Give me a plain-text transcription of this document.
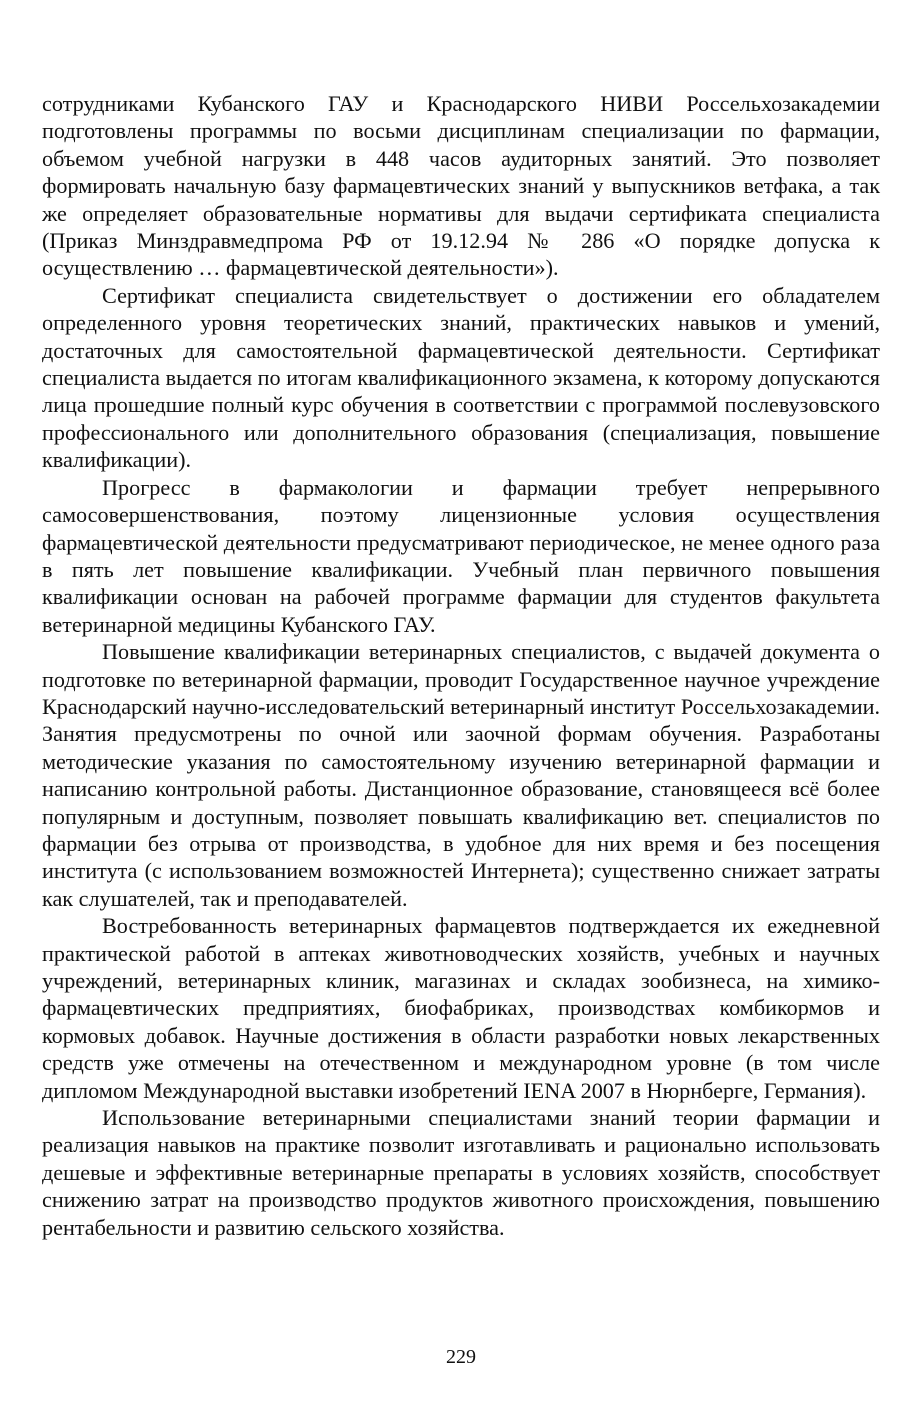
сотрудниками Кубанского ГАУ и Краснодарского НИВИ Россельхозакадемии подготовлены программы по восьми дисциплинам специализации по фармации, объемом учебной нагрузки в 448 часов аудиторных занятий. Это позволяет формировать начальную базу фармацевтических знаний у выпускников ветфака, а так же определяет образовательные нормативы для выдачи сертификата специалиста (Приказ Минздравмедпрома РФ от 19.12.94 № 286 «О порядке допуска к осуществлению … фармацевтической деятельности»).

Сертификат специалиста свидетельствует о достижении его обладателем определенного уровня теоретических знаний, практических навыков и умений, достаточных для самостоятельной фармацевтической деятельности. Сертификат специалиста выдается по итогам квалификационного экзамена, к которому допускаются лица прошедшие полный курс обучения в соответствии с программой послевузовского профессионального или дополнительного образования (специализация, повышение квалификации).

Прогресс в фармакологии и фармации требует непрерывного самосовершенствования, поэтому лицензионные условия осуществления фармацевтической деятельности предусматривают периодическое, не менее одного раза в пять лет повышение квалификации. Учебный план первичного повышения квалификации основан на рабочей программе фармации для студентов факультета ветеринарной медицины Кубанского ГАУ.

Повышение квалификации ветеринарных специалистов, с выдачей документа о подготовке по ветеринарной фармации, проводит Государственное научное учреждение Краснодарский научно-исследовательский ветеринарный институт Россельхозакадемии. Занятия предусмотрены по очной или заочной формам обучения. Разработаны методические указания по самостоятельному изучению ветеринарной фармации и написанию контрольной работы. Дистанционное образование, становящееся всё более популярным и доступным, позволяет повышать квалификацию вет. специалистов по фармации без отрыва от производства, в удобное для них время и без посещения института (с использованием возможностей Интернета); существенно снижает затраты как слушателей, так и преподавателей.

Востребованность ветеринарных фармацевтов подтверждается их ежедневной практической работой в аптеках животноводческих хозяйств, учебных и научных учреждений, ветеринарных клиник, магазинах и складах зообизнеса, на химико-фармацевтических предприятиях, биофабриках, производствах комбикормов и кормовых добавок. Научные достижения в области разработки новых лекарственных средств уже отмечены на отечественном и международном уровне (в том числе дипломом Международной выставки изобретений IENA 2007 в Нюрнберге, Германия).

Использование ветеринарными специалистами знаний теории фармации и реализация навыков на практике позволит изготавливать и рационально использовать дешевые и эффективные ветеринарные препараты в условиях хозяйств, способствует снижению затрат на производство продуктов животного происхождения, повышению рентабельности и развитию сельского хозяйства.

229
